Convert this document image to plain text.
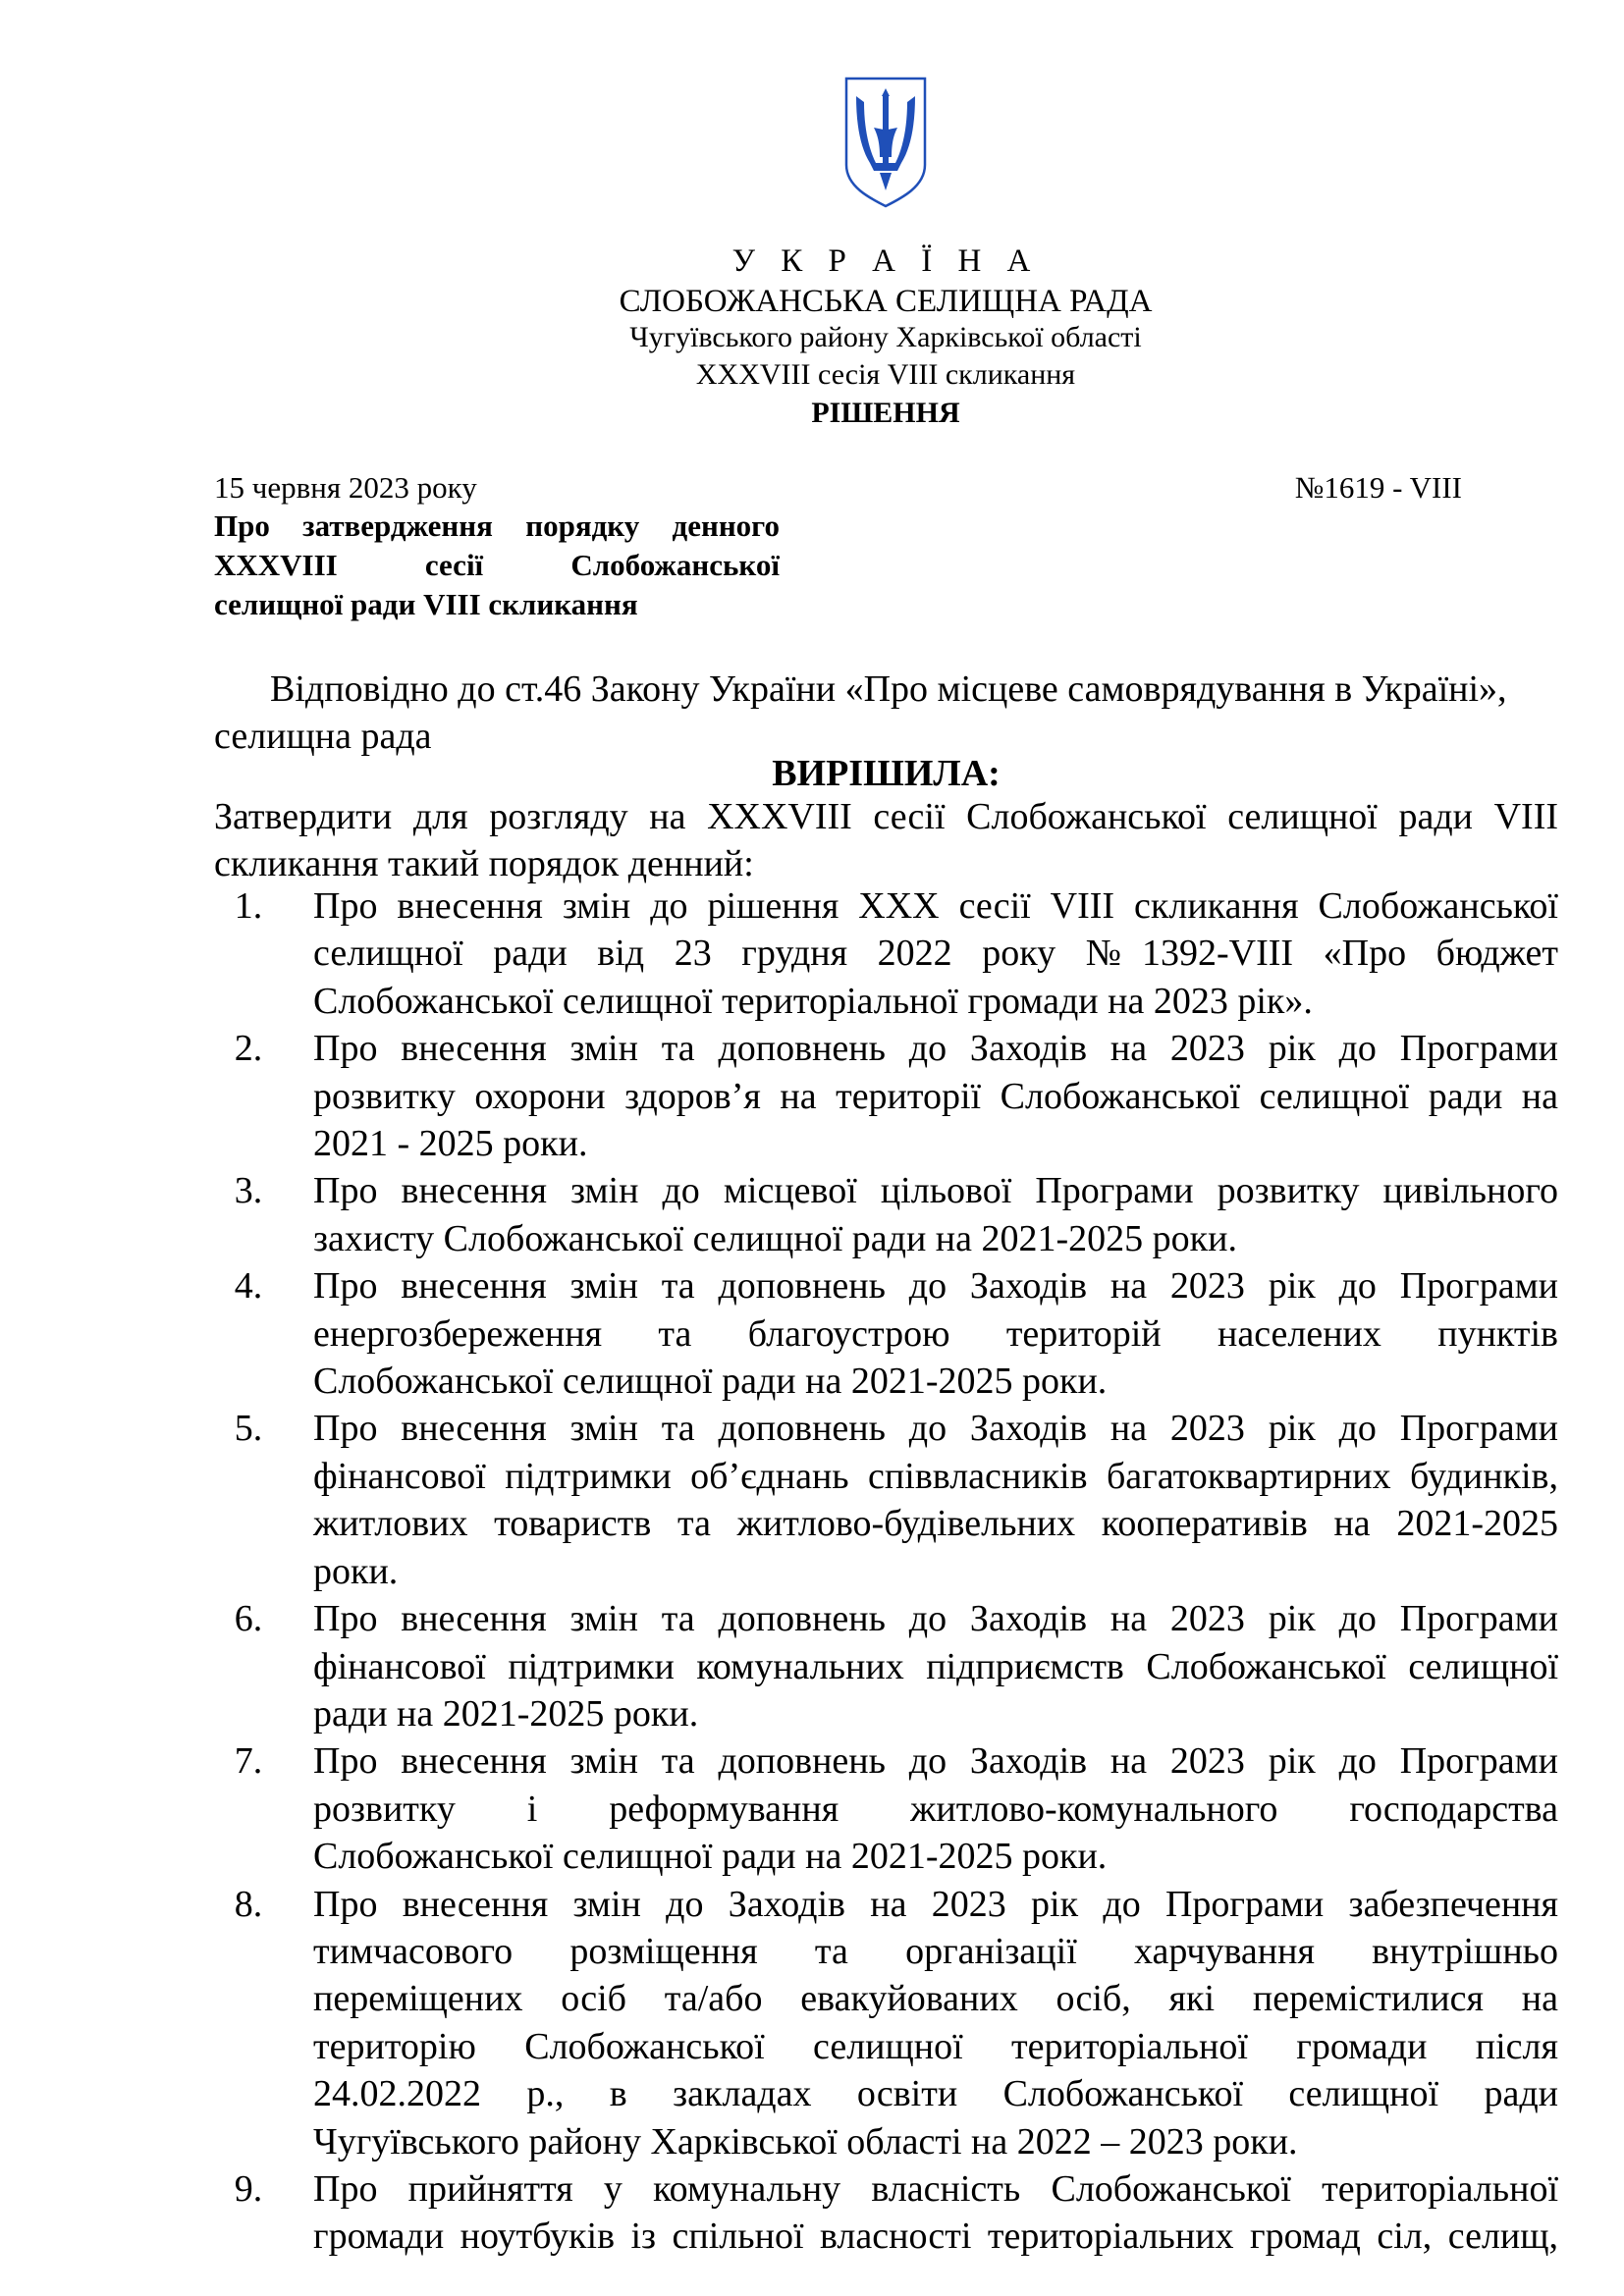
У К Р А Ї Н А
СЛОБОЖАНСЬКА СЕЛИЩНА РАДА
Чугуївського району Харківської області
XXXVIII сесія VIII скликання
РІШЕННЯ
15 червня 2023 року	№1619 - VIII
Про затвердження порядку денного
XXXVIII сесії Слобожанської
селищної ради VIII скликання
Відповідно до ст.46 Закону України «Про місцеве самоврядування в Україні»,
селищна рада
ВИРІШИЛА:
Затвердити для розгляду на XXXVIII сесії Слобожанської селищної ради VIII
скликання такий порядок денний:
1.	Про внесення змін до рішення XXX сесії VIII скликання Слобожанської
селищної ради від 23 грудня 2022 року №1392-VIII «Про бюджет
Слобожанської селищної територіальної громади на 2023 рік».
2.	Про внесення змін та доповнень до Заходів на 2023 рік до Програми
розвитку охорони здоров’я на території Слобожанської селищної ради на
2021 - 2025 роки.
3.	Про внесення змін до місцевої цільової Програми розвитку цивільного
захисту Слобожанської селищної ради на 2021-2025 роки.
4.	Про внесення змін та доповнень до Заходів на 2023 рік до Програми
енергозбереження та благоустрою територій населених пунктів
Слобожанської селищної ради на 2021-2025 роки.
5.	Про внесення змін та доповнень до Заходів на 2023 рік до Програми
фінансової підтримки об’єднань співвласників багатоквартирних будинків,
житлових товариств та житлово-будівельних кооперативів на 2021-2025
роки.
6.	Про внесення змін та доповнень до Заходів на 2023 рік до Програми
фінансової підтримки комунальних підприємств Слобожанської селищної
ради на 2021-2025 роки.
7.	Про внесення змін та доповнень до Заходів на 2023 рік до Програми
розвитку і реформування житлово-комунального господарства
Слобожанської селищної ради на 2021-2025 роки.
8.	Про внесення змін до Заходів на 2023 рік до Програми забезпечення
тимчасового розміщення та організації харчування внутрішньо
переміщених осіб та/або евакуйованих осіб, які перемістилися на
територію Слобожанської селищної територіальної громади після
24.02.2022 р., в закладах освіти Слобожанської селищної ради
Чугуївського району Харківської області на 2022 – 2023 роки.
9.	Про прийняття у комунальну власність Слобожанської територіальної
громади ноутбуків із спільної власності територіальних громад сіл, селищ,
